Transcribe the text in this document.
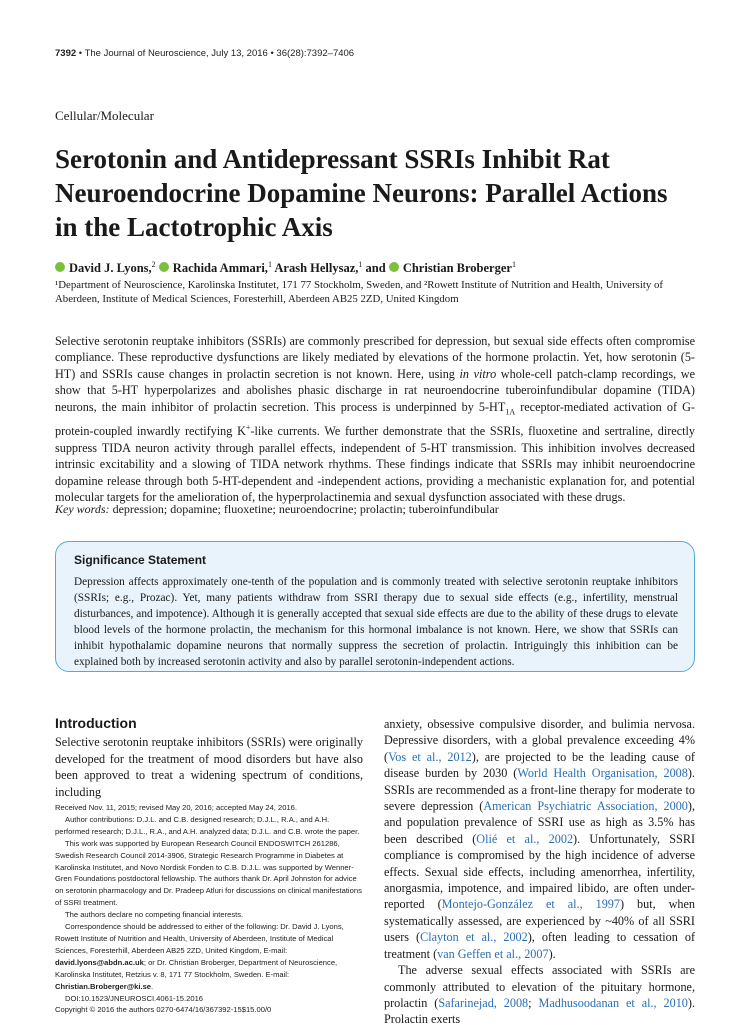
7392 • The Journal of Neuroscience, July 13, 2016 • 36(28):7392–7406
Cellular/Molecular
Serotonin and Antidepressant SSRIs Inhibit Rat Neuroendocrine Dopamine Neurons: Parallel Actions in the Lactotrophic Axis
David J. Lyons,$^2$ Rachida Ammari,$^1$ Arash Hellysaz,$^1$ and Christian Broberger$^1$
¹Department of Neuroscience, Karolinska Institutet, 171 77 Stockholm, Sweden, and ²Rowett Institute of Nutrition and Health, University of Aberdeen, Institute of Medical Sciences, Foresterhill, Aberdeen AB25 2ZD, United Kingdom
Selective serotonin reuptake inhibitors (SSRIs) are commonly prescribed for depression, but sexual side effects often compromise compliance. These reproductive dysfunctions are likely mediated by elevations of the hormone prolactin. Yet, how serotonin (5-HT) and SSRIs cause changes in prolactin secretion is not known. Here, using in vitro whole-cell patch-clamp recordings, we show that 5-HT hyperpolarizes and abolishes phasic discharge in rat neuroendocrine tuberoinfundibular dopamine (TIDA) neurons, the main inhibitor of prolactin secretion. This process is underpinned by $5-HT_{1A}$ receptor-mediated activation of G-protein-coupled inwardly rectifying K+-like currents. We further demonstrate that the SSRIs, fluoxetine and sertraline, directly suppress TIDA neuron activity through parallel effects, independent of 5-HT transmission. This inhibition involves decreased intrinsic excitability and a slowing of TIDA network rhythms. These findings indicate that SSRIs may inhibit neuroendocrine dopamine release through both 5-HT-dependent and -independent actions, providing a mechanistic explanation for, and potential molecular targets for the amelioration of, the hyperprolactinemia and sexual dysfunction associated with these drugs.
Key words: depression; dopamine; fluoxetine; neuroendocrine; prolactin; tuberoinfundibular
Significance Statement
Depression affects approximately one-tenth of the population and is commonly treated with selective serotonin reuptake inhibitors (SSRIs; e.g., Prozac). Yet, many patients withdraw from SSRI therapy due to sexual side effects (e.g., infertility, menstrual disturbances, and impotence). Although it is generally accepted that sexual side effects are due to the ability of these drugs to elevate blood levels of the hormone prolactin, the mechanism for this hormonal imbalance is not known. Here, we show that SSRIs can inhibit hypothalamic dopamine neurons that normally suppress the secretion of prolactin. Intriguingly this inhibition can be explained both by increased serotonin activity and also by parallel serotonin-independent actions.
Introduction
Selective serotonin reuptake inhibitors (SSRIs) were originally developed for the treatment of mood disorders but have also been approved to treat a widening spectrum of conditions, including

Received Nov. 11, 2015; revised May 20, 2016; accepted May 24, 2016.

Author contributions: D.J.L. and C.B. designed research; D.J.L., R.A., and A.H. performed research; D.J.L., R.A., and A.H. analyzed data; D.J.L. and C.B. wrote the paper.

This work was supported by European Research Council ENDOSWITCH 261286, Swedish Research Council 2014-3906, Strategic Research Programme in Diabetes at Karolinska Institutet, and Novo Nordisk Fonden to C.B. D.J.L. was supported by Wenner-Gren Foundations postdoctoral fellowship. The authors thank Dr. April Johnston for advice on serotonin pharmacology and Dr. Pradeep Atluri for discussions on clinical manifestations of SSRI treatment.

The authors declare no competing financial interests.

Correspondence should be addressed to either of the following: Dr. David J. Lyons, Rowett Institute of Nutrition and Health, University of Aberdeen, Institute of Medical Sciences, Foresterhill, Aberdeen AB25 2ZD, United Kingdom, E-mail: david.lyons@abdn.ac.uk; or Dr. Christian Broberger, Department of Neuroscience, Karolinska Institutet, Retzius v. 8, 171 77 Stockholm, Sweden. E-mail: Christian.Broberger@ki.se.

DOI:10.1523/JNEUROSCI.4061-15.2016

Copyright © 2016 the authors 0270-6474/16/367392-15$15.00/0

anxiety, obsessive compulsive disorder, and bulimia nervosa. Depressive disorders, with a global prevalence exceeding 4% (Vos et al., 2012), are projected to be the leading cause of disease burden by 2030 (World Health Organisation, 2008). SSRIs are recommended as a front-line therapy for moderate to severe depression (American Psychiatric Association, 2000), and population prevalence of SSRI use as high as 3.5% has been described (Olié et al., 2002). Unfortunately, SSRI compliance is compromised by the high incidence of adverse effects. Sexual side effects, including amenorrhea, infertility, anorgasmia, impotence, and impaired libido, are often under-reported (Montejo-González et al., 1997) but, when systematically assessed, are experienced by ~40% of all SSRI users (Clayton et al., 2002), often leading to cessation of treatment (van Geffen et al., 2007).

The adverse sexual effects associated with SSRIs are commonly attributed to elevation of the pituitary hormone, prolactin (Safarinejad, 2008; Madhusoodanan et al., 2010). Prolactin exerts
